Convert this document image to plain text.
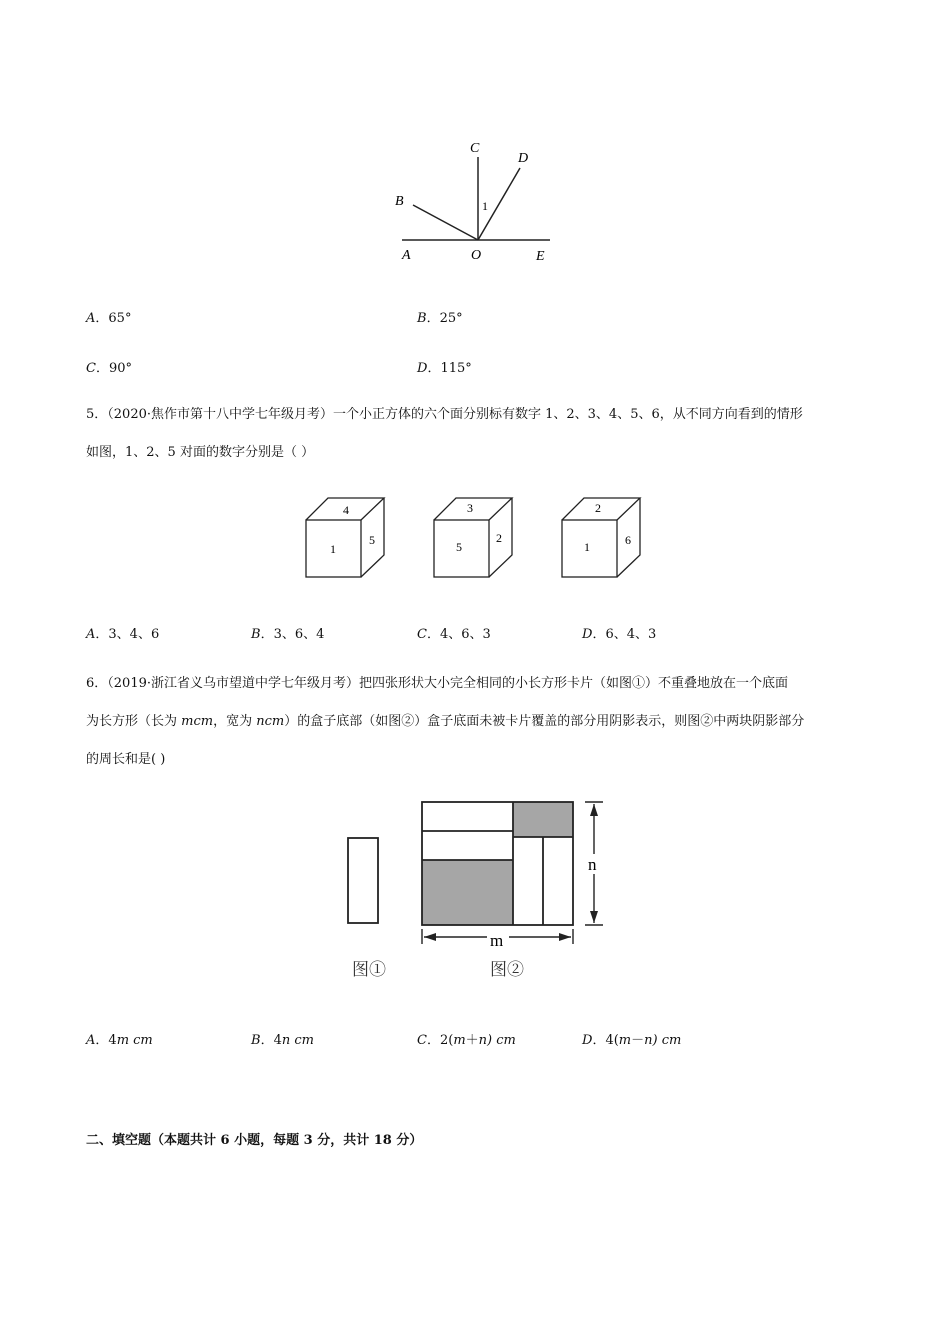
A	O	E
B
C
D
1
A．65°	B．25°
C．90°	D．115°
5．（2020·焦作市第十八中学七年级月考）一个小正方体的六个面分别标有数字 1、2、3、4、5、6，从不同方向看到的情形
如图，1、2、5 对面的数字分别是（ ）
4
1
5
3
5
2
2
1	6
A．3、4、6	B．3、6、4	C．4、6、3	D．6、4、3
6．（2019·浙江省义乌市望道中学七年级月考）把四张形状大小完全相同的小长方形卡片（如图①）不重叠地放在一个底面
为长方形（长为 mcm，宽为 ncm）的盒子底部（如图②）盒子底面未被卡片覆盖的部分用阴影表示，则图②中两块阴影部分
的周长和是( )
n
m
图①	图②
A．4m cm	B．4n cm	C．2(m＋n) cm	D．4(m－n) cm
二、填空题（本题共计 6 小题，每题 3 分，共计 18 分）
